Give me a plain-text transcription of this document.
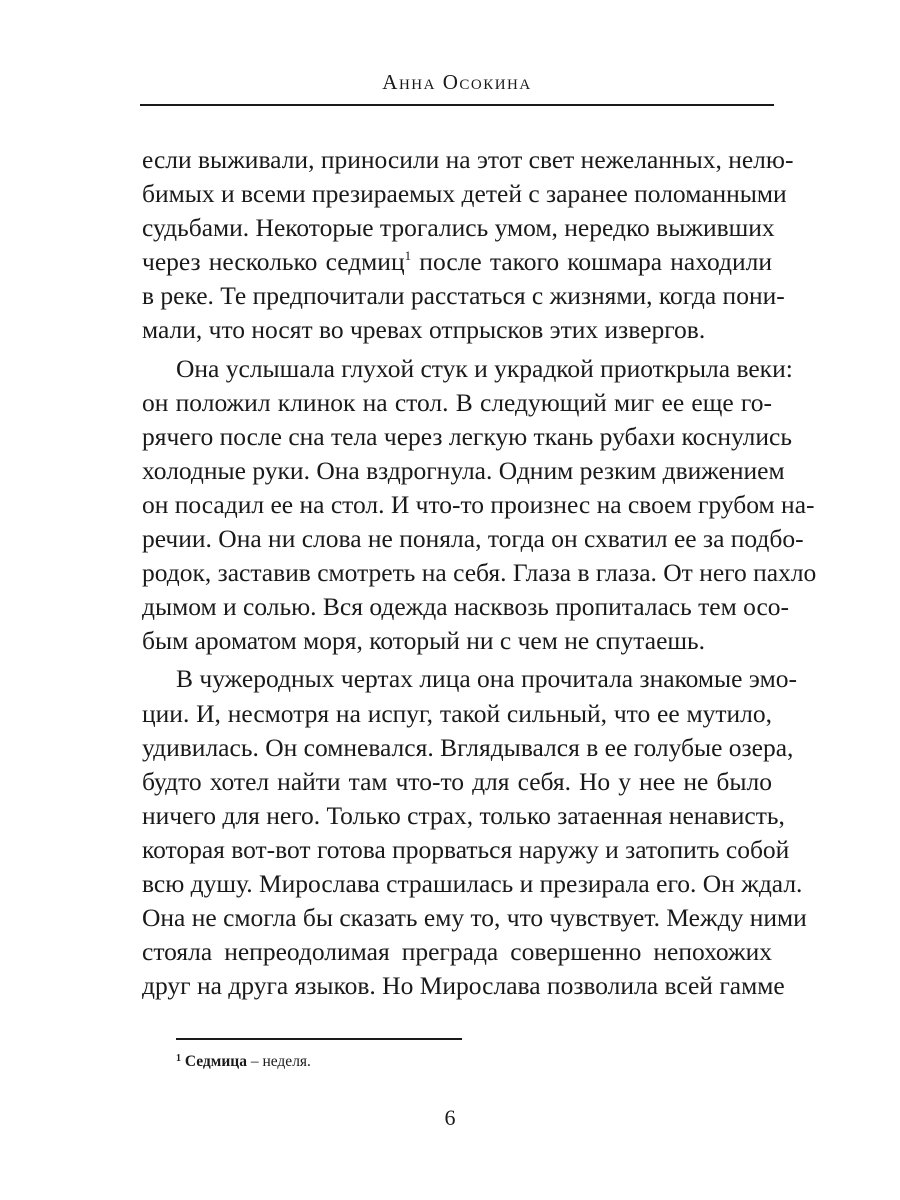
Анна Осокина
если выживали, приносили на этот свет нежеланных, нелю-
бимых и всеми презираемых детей с заранее поломанными
судьбами. Некоторые трогались умом, нередко выживших
через несколько седмиц$^1$ после такого кошмара находили
в реке. Те предпочитали расстаться с жизнями, когда пони-
мали, что носят во чревах отпрысков этих извергов.
Она услышала глухой стук и украдкой приоткрыла веки:
он положил клинок на стол. В следующий миг ее еще го-
рячего после сна тела через легкую ткань рубахи коснулись
холодные руки. Она вздрогнула. Одним резким движением
он посадил ее на стол. И что-то произнес на своем грубом на-
речии. Она ни слова не поняла, тогда он схватил ее за подбо-
родок, заставив смотреть на себя. Глаза в глаза. От него пахло
дымом и солью. Вся одежда насквозь пропиталась тем осо-
бым ароматом моря, который ни с чем не спутаешь.
В чужеродных чертах лица она прочитала знакомые эмо-
ции. И, несмотря на испуг, такой сильный, что ее мутило,
удивилась. Он сомневался. Вглядывался в ее голубые озера,
будто хотел найти там что-то для себя. Но у нее не было
ничего для него. Только страх, только затаенная ненависть,
которая вот-вот готова прорваться наружу и затопить собой
всю душу. Мирослава страшилась и презирала его. Он ждал.
Она не смогла бы сказать ему то, что чувствует. Между ними
стояла непреодолимая преграда совершенно непохожих
друг на друга языков. Но Мирослава позволила всей гамме
$^1$ Седмица – неделя.
6
